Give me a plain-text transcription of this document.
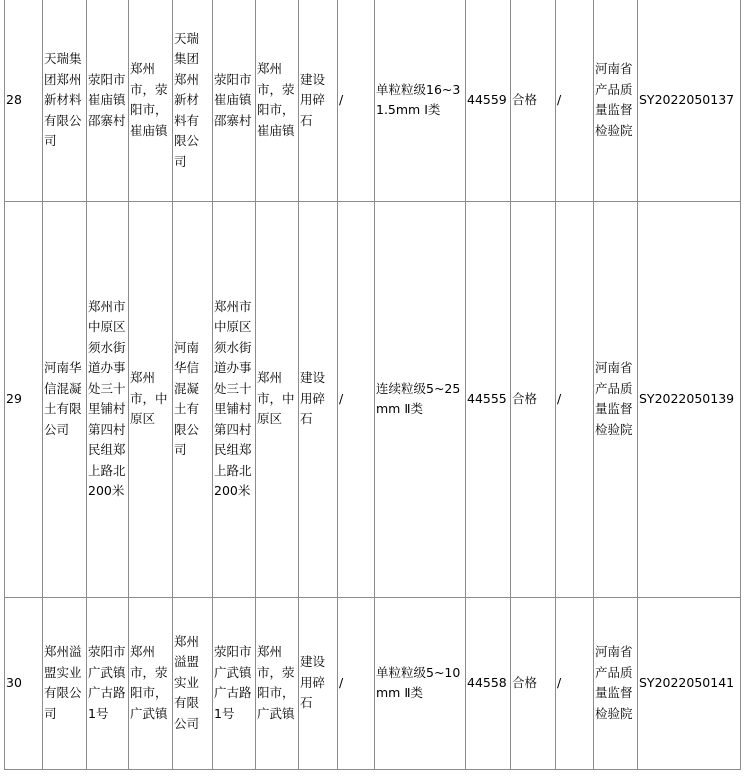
28	天瑞集团郑州新材料有限公司	荥阳市崔庙镇邵寨村	郑州市，荥阳市，崔庙镇	天瑞集团郑州新材料有限公司	荥阳市崔庙镇邵寨村	郑州市，荥阳市，崔庙镇	建设用碎石	/	单粒粒级16~31.5mm Ⅰ类	44559	合格	/	河南省产品质量监督检验院	SY2022050137
29	河南华信混凝土有限公司	郑州市中原区须水街道办事处三十里铺村第四村民组郑上路北200米	郑州市，中原区	河南华信混凝土有限公司	郑州市中原区须水街道办事处三十里铺村第四村民组郑上路北200米	郑州市，中原区	建设用碎石	/	连续粒级5~25mm Ⅱ类	44555	合格	/	河南省产品质量监督检验院	SY2022050139
30	郑州溢盟实业有限公司	荥阳市广武镇广古路1号	郑州市，荥阳市，广武镇	郑州溢盟实业有限公司	荥阳市广武镇广古路1号	郑州市，荥阳市，广武镇	建设用碎石	/	单粒粒级5~10mm Ⅱ类	44558	合格	/	河南省产品质量监督检验院	SY2022050141
